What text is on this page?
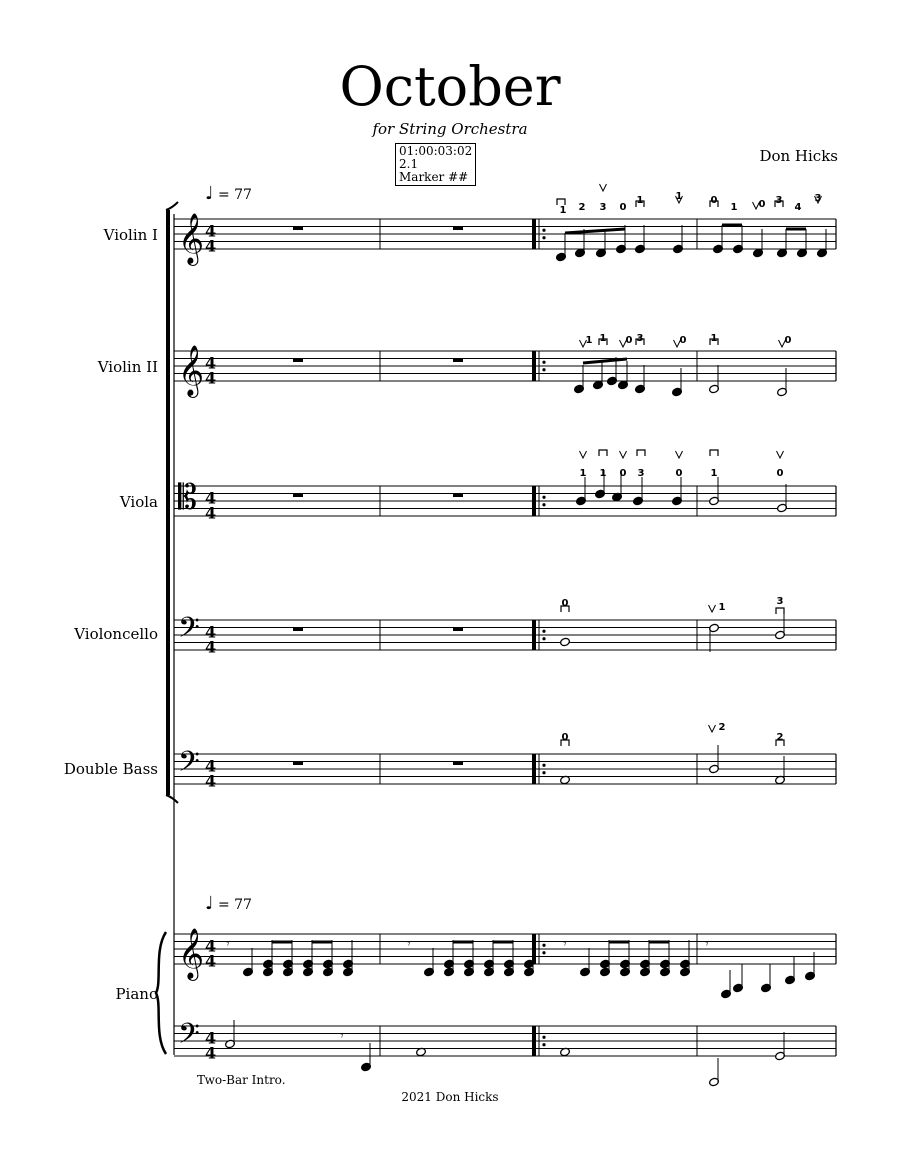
October
for String Orchestra
01:00:03:02
2.1
Marker ##
Don Hicks
♩ = 77
♩ = 77
Violin I
Violin II
Viola
Violoncello
Double Bass
Piano
Two-Bar Intro.
2021 Don Hicks
𝄞 4
4
𝄞 4
4
𝄡 4
4
𝄢 4
4
𝄢 4
4
𝄞 4
4
𝄢 4
4
1 2 3 0
1	1	0
1 0 3
4
3
1 1 0 3	0 1	0
1 1 0 3	0	1	0
0	1
3
0
2
2
𝄾	𝄾	𝄾	𝄾
𝄾
